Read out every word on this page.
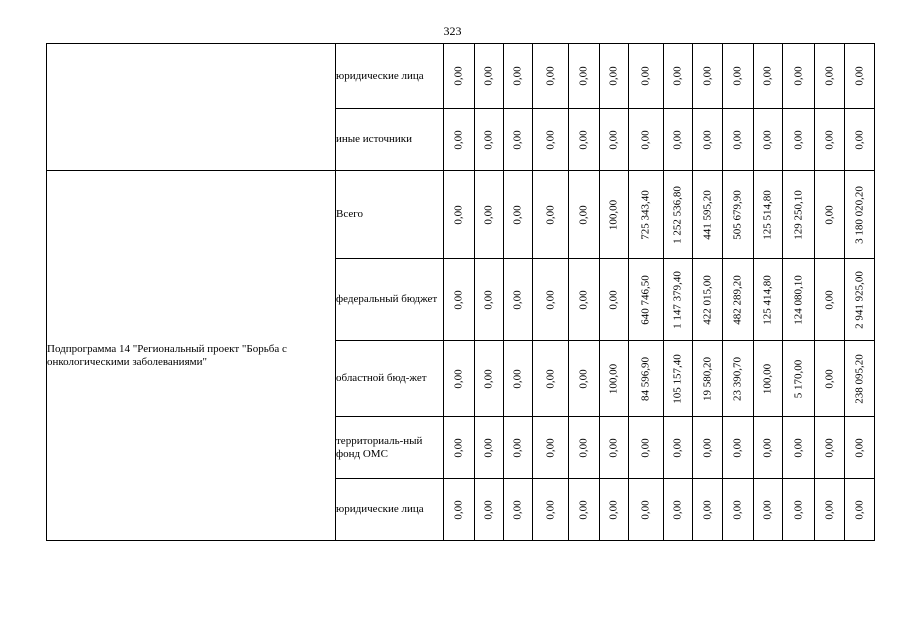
323
	юридические лица	0,00	0,00	0,00	0,00	0,00	0,00	0,00	0,00	0,00	0,00	0,00	0,00	0,00	0,00

	иные источники	0,00	0,00	0,00	0,00	0,00	0,00	0,00	0,00	0,00	0,00	0,00	0,00	0,00	0,00

Подпрограмма 14 "Региональный проект "Борьба с онкологическими заболеваниями"	Всего	0,00	0,00	0,00	0,00	0,00	100,00	725 343,40	1 252 536,80	441 595,20	505 679,90	125 514,80	129 250,10	0,00	3 180 020,20

	федеральный бюджет	0,00	0,00	0,00	0,00	0,00	0,00	640 746,50	1 147 379,40	422 015,00	482 289,20	125 414,80	124 080,10	0,00	2 941 925,00

	областной бюд-жет	0,00	0,00	0,00	0,00	0,00	100,00	84 596,90	105 157,40	19 580,20	23 390,70	100,00	5 170,00	0,00	238 095,20

	территориаль-ный фонд ОМС	0,00	0,00	0,00	0,00	0,00	0,00	0,00	0,00	0,00	0,00	0,00	0,00	0,00	0,00

	юридические лица	0,00	0,00	0,00	0,00	0,00	0,00	0,00	0,00	0,00	0,00	0,00	0,00	0,00	0,00
